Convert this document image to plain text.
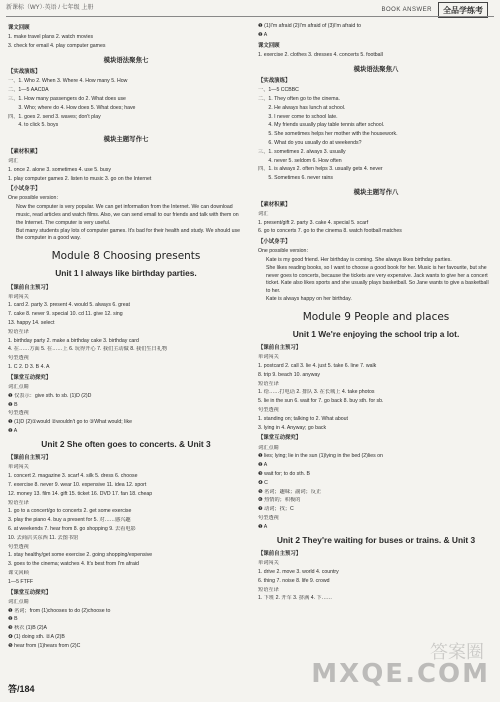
新课标（WY）·英语 / 七年级 上册	BOOK ANSWER	全品学练考
课文回顾
1. make travel plans 2. watch movies
3. check for email 4. play computer games
模块语法聚焦七
【实战演练】
一、1. Who 2. When 3. Where 4. How many 5. How
二、1—5 AACDA
三、1. How many passengers do 2. What does use
　　3. Who; where do 4. How does 5. What does; have
四、1. goes 2. send 3. waves; don't play
　　4. to click 5. boys
模块主题写作七
【素材积累】
词汇
1. once 2. alone 3. sometimes 4. use 5. busy
1. play computer games 2. listen to music 3. go on the Internet
【小试身手】
One possible version：
Now the computer is very popular. We can get information from the Internet. We can download music, read articles and watch films. Also, we can send email to our friends and talk with them on the Internet. The computer is very useful.
But many students play lots of computer games. It's bad for their health and study. We should use the computer in a good way.
Module 8 Choosing presents
Unit 1 I always like birthday parties.
【课前自主预习】
单词闯关
1. card 2. party 3. present 4. would 5. always 6. great
7. cake 8. never 9. special 10. cd 11. give 12. sing
13. happy 14. select
短语互译
1. birthday party 2. make a birthday cake 3. birthday card
4. 在……方面 5. 在……上 6. 玩得开心 7. 我们主动做 8. 我们生日礼物
句型透视
1. C 2. D 3. B 4. A
【课堂互动探究】
词汇点睛
❶ 仅表示：give sth. to sb. (1)D (2)D
❷ B
句型透视
❶ (1)D (2)①would ②wouldn't go to ③What would; like
❷ A
Unit 2 She often goes to concerts. & Unit 3
【课前自主预习】
单词闯关
1. concert 2. magazine 3. scarf 4. silk 5. dress 6. choose
7. exercise 8. never 9. wear 10. expensive 11. idea 12. sport
12. money 13. film 14. gift 15. ticket 16. DVD 17. fan 18. cheap
短语互译
1. go to a concert/go to concerts 2. get some exercise
3. play the piano 4. buy a present for 5. 对……感兴趣
6. at weekends 7. hear from 8. go shopping 9. 去看电影
10. 去商店买东西 11. 去图书馆
句型透视
1. stay healthy/get some exercise 2. going shopping/expensive
3. goes to the cinema; watches 4. It's best from I'm afraid
课文回顾
1—5 FTFF
【课堂互动探究】
词汇点睛
❶ 名词；from (1)chooses to do (2)choose to
❷ B
❸ 秋衣 (1)B (2)A
❹ (1) doing sth. ②A (2)B
❺ hear from (1)hears from (2)C
❶ (1)I'm afraid (2)I'm afraid of (3)I'm afraid to
❷ A
课文回顾
1. exercise 2. clothes 3. dresses 4. concerts 5. football
模块语法聚焦八
【实战演练】
一、1—5 CCBBC
二、1. They often go to the cinema.
　　2. He always has lunch at school.
　　3. I never come to school late.
　　4. My friends usually play table tennis after school.
　　5. She sometimes helps her mother with the housework.
　　6. What do you usually do at weekends?
三、1. sometimes 2. always 3. usually
　　4. never 5. seldom 6. How often
四、1. is always 2. often helps 3. usually gets 4. never
　　5. Sometimes 6. never rains
模块主题写作八
【素材积累】
词汇
1. present/gift 2. party 3. cake 4. special 5. scarf
6. go to concerts 7. go to the cinema 8. watch football matches
【小试身手】
One possible version：
Kate is my good friend. Her birthday is coming. She always likes birthday parties.
She likes reading books, so I want to choose a good book for her. Music is her favourite, but she never goes to concerts, because the tickets are very expensive. Jack wants to give her a concert ticket. Kate also likes sports and she usually plays basketball. So Jane wants to give a basketball to her.
Kate is always happy on her birthday.
Module 9 People and places
Unit 1 We're enjoying the school trip a lot.
【课前自主预习】
单词闯关
1. postcard 2. call 3. lie 4. just 5. take 6. line 7. walk
8. trip 9. beach 10. anyway
短语互译
1. 给……打电话 2. 排队 3. 在长城上 4. take photos
5. lie in the sun 6. wait for 7. go back 8. buy sth. for sb.
句型透视
1. standing on; talking to 2. What about
3. lying in 4. Anyway; go back
【课堂互动探究】
词汇点睛
❶ lies; lying; lie in the sun (1)lying in the bed (2)lies on
❷ A
❸ wait for; to do sth. B
❹ C
❺ 名词；趣味；副词；反正
❻ 热情的；积极的
❼ 动词；找；C
句型透视
❶ A
Unit 2 They're waiting for buses or trains. & Unit 3
【课前自主预习】
单词闯关
1. drive 2. move 3. world 4. country
6. thing 7. noise 8. life 9. crowd
短语互译
1. 下班 2. 开车 3. 挤满 4. 下……
答/184
答案圈
MXQE.COM
